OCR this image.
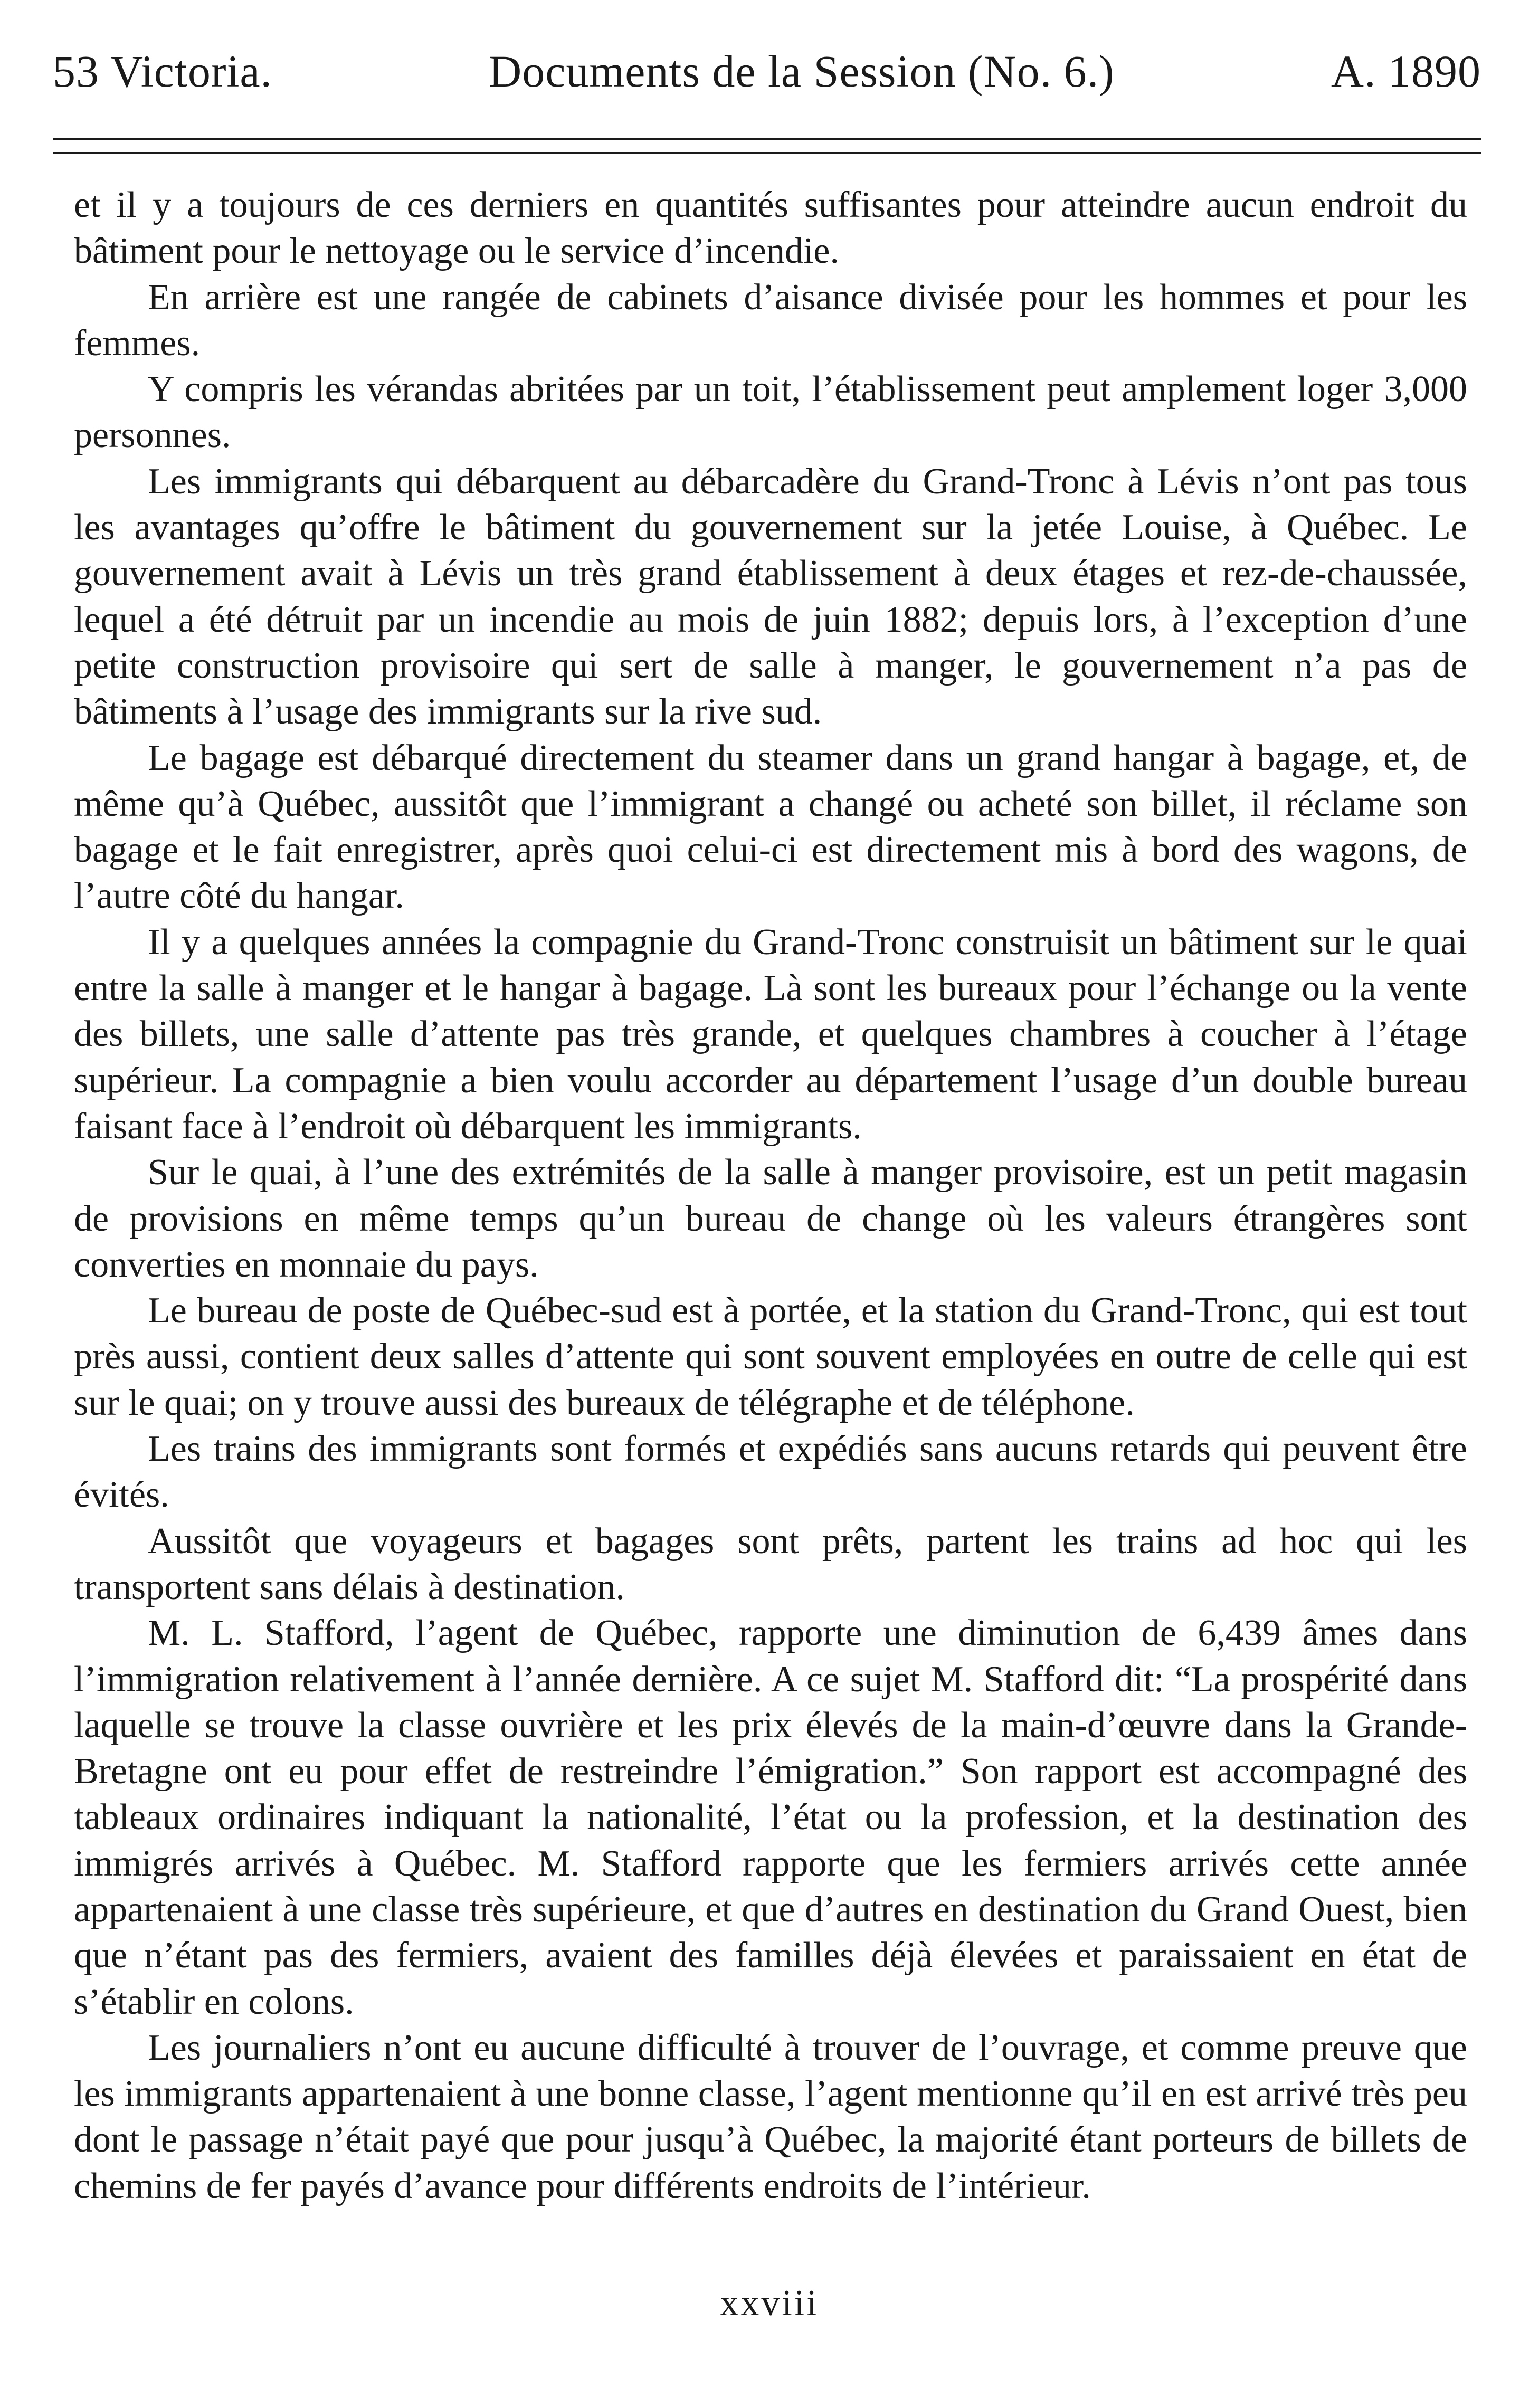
53 Victoria.	Documents de la Session (No. 6.)	A. 1890

et il y a toujours de ces derniers en quantités suffisantes pour atteindre aucun endroit du bâtiment pour le nettoyage ou le service d’incendie.

En arrière est une rangée de cabinets d’aisance divisée pour les hommes et pour les femmes.

Y compris les vérandas abritées par un toit, l’établissement peut amplement loger 3,000 personnes.

Les immigrants qui débarquent au débarcadère du Grand-Tronc à Lévis n’ont pas tous les avantages qu’offre le bâtiment du gouvernement sur la jetée Louise, à Québec. Le gouvernement avait à Lévis un très grand établissement à deux étages et rez-de-chaussée, lequel a été détruit par un incendie au mois de juin 1882; depuis lors, à l’exception d’une petite construction provisoire qui sert de salle à manger, le gouvernement n’a pas de bâtiments à l’usage des immigrants sur la rive sud.

Le bagage est débarqué directement du steamer dans un grand hangar à bagage, et, de même qu’à Québec, aussitôt que l’immigrant a changé ou acheté son billet, il réclame son bagage et le fait enregistrer, après quoi celui-ci est directement mis à bord des wagons, de l’autre côté du hangar.

Il y a quelques années la compagnie du Grand-Tronc construisit un bâtiment sur le quai entre la salle à manger et le hangar à bagage. Là sont les bureaux pour l’échange ou la vente des billets, une salle d’attente pas très grande, et quelques chambres à coucher à l’étage supérieur. La compagnie a bien voulu accorder au département l’usage d’un double bureau faisant face à l’endroit où débarquent les immigrants.

Sur le quai, à l’une des extrémités de la salle à manger provisoire, est un petit magasin de provisions en même temps qu’un bureau de change où les valeurs étrangères sont converties en monnaie du pays.

Le bureau de poste de Québec-sud est à portée, et la station du Grand-Tronc, qui est tout près aussi, contient deux salles d’attente qui sont souvent employées en outre de celle qui est sur le quai; on y trouve aussi des bureaux de télégraphe et de téléphone.

Les trains des immigrants sont formés et expédiés sans aucuns retards qui peuvent être évités.

Aussitôt que voyageurs et bagages sont prêts, partent les trains ad hoc qui les transportent sans délais à destination.

M. L. Stafford, l’agent de Québec, rapporte une diminution de 6,439 âmes dans l’immigration relativement à l’année dernière. A ce sujet M. Stafford dit: “La prospérité dans laquelle se trouve la classe ouvrière et les prix élevés de la main-d’œuvre dans la Grande-Bretagne ont eu pour effet de restreindre l’émigration.” Son rapport est accompagné des tableaux ordinaires indiquant la nationalité, l’état ou la profession, et la destination des immigrés arrivés à Québec. M. Stafford rapporte que les fermiers arrivés cette année appartenaient à une classe très supérieure, et que d’autres en destination du Grand Ouest, bien que n’étant pas des fermiers, avaient des familles déjà élevées et paraissaient en état de s’établir en colons.

Les journaliers n’ont eu aucune difficulté à trouver de l’ouvrage, et comme preuve que les immigrants appartenaient à une bonne classe, l’agent mentionne qu’il en est arrivé très peu dont le passage n’était payé que pour jusqu’à Québec, la majorité étant porteurs de billets de chemins de fer payés d’avance pour différents endroits de l’intérieur.

xxviii
